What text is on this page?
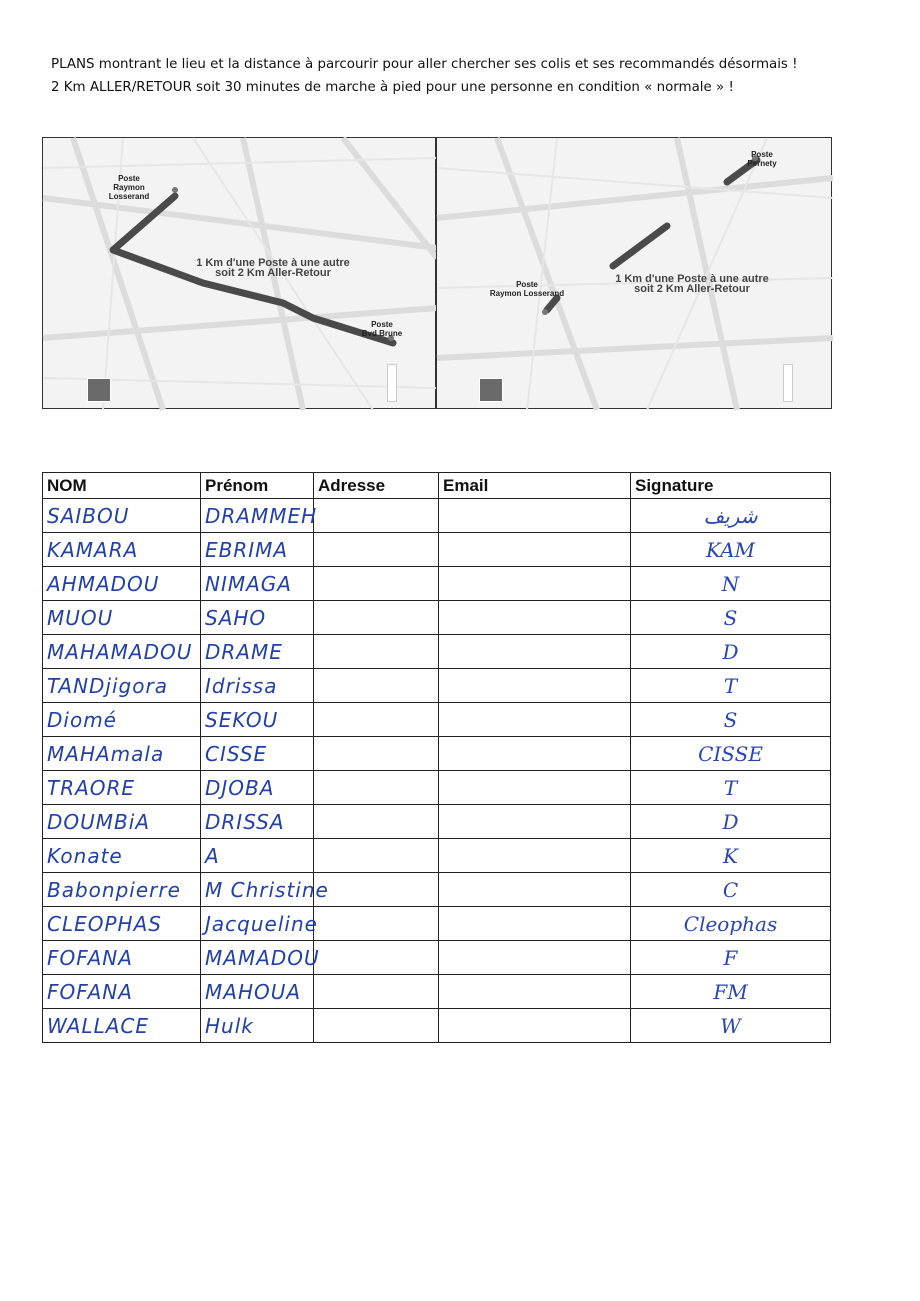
PLANS montrant le lieu et la distance à parcourir pour aller chercher ses colis et ses recommandés désormais !
2 Km ALLER/RETOUR soit 30 minutes de marche à pied pour une personne en condition « normale » !
Poste
Raymon Losserand
Poste
Bvd Brune
1 Km d'une Poste à une autre
soit 2 Km Aller-Retour
Poste
Pernety
Poste
Raymon Losserand
1 Km d'une Poste à une autre
soit 2 Km Aller-Retour
NOM	Prénom	Adresse	Email	Signature
SAIBOU	DRAMMEH			شريف
KAMARA	EBRIMA			KAM
AHMADOU	NIMAGA			N
MUOU	SAHO			S
MAHAMADOU	DRAME			D
TANDjigora	Idrissa			T
Diomé	SEKOU			S
MAHAmala	CISSE			CISSE
TRAORE	DJOBA			T
DOUMBiA	DRISSA			D
Konate	A			K
Babonpierre	M Christine			C
CLEOPHAS	Jacqueline			Cleophas
FOFANA	MAMADOU			F
FOFANA	MAHOUA			FM
WALLACE	Hulk			W
